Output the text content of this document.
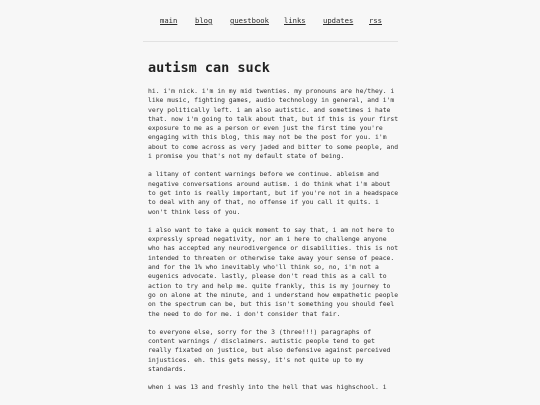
main blog guestbook links updates rss
autism can suck

hi. i'm nick. i'm in my mid twenties. my pronouns are he/they. i
like music, fighting games, audio technology in general, and i'm
very politically left. i am also autistic. and sometimes i hate
that. now i'm going to talk about that, but if this is your first
exposure to me as a person or even just the first time you're
engaging with this blog, this may not be the post for you. i'm
about to come across as very jaded and bitter to some people, and
i promise you that's not my default state of being.

a litany of content warnings before we continue. ableism and
negative conversations around autism. i do think what i'm about
to get into is really important, but if you're not in a headspace
to deal with any of that, no offense if you call it quits. i
won't think less of you.

i also want to take a quick moment to say that, i am not here to
expressly spread negativity, nor am i here to challenge anyone
who has accepted any neurodivergence or disabilities. this is not
intended to threaten or otherwise take away your sense of peace.
and for the 1% who inevitably who'll think so, no, i'm not a
eugenics advocate. lastly, please don't read this as a call to
action to try and help me. quite frankly, this is my journey to
go on alone at the minute, and i understand how empathetic people
on the spectrum can be, but this isn't something you should feel
the need to do for me. i don't consider that fair.

to everyone else, sorry for the 3 (three!!!) paragraphs of
content warnings / disclaimers. autistic people tend to get
really fixated on justice, but also defensive against perceived
injustices. eh. this gets messy, it's not quite up to my
standards.

when i was 13 and freshly into the hell that was highschool. i
